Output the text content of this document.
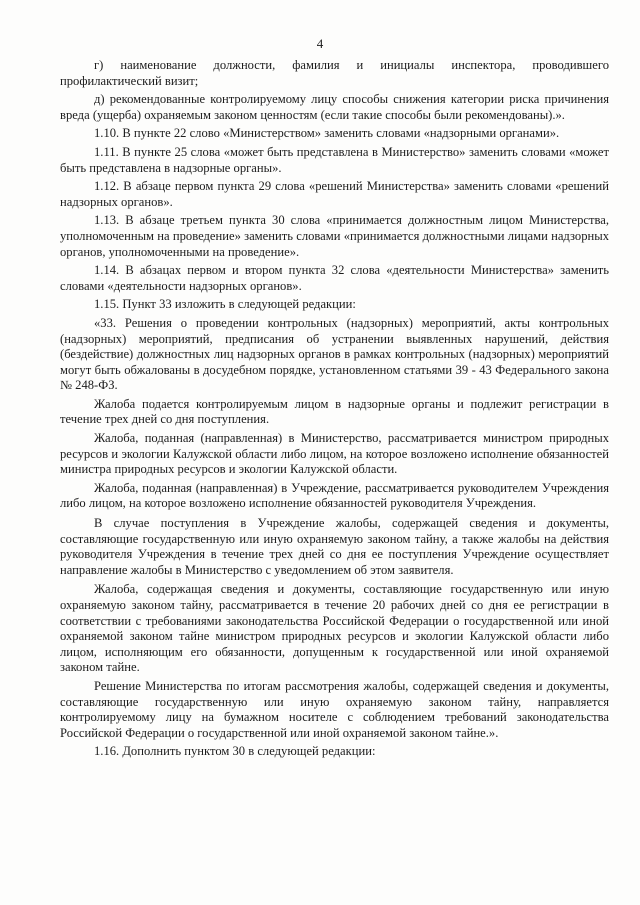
4

г) наименование должности, фамилия и инициалы инспектора, проводившего профилактический визит;

д) рекомендованные контролируемому лицу способы снижения категории риска причинения вреда (ущерба) охраняемым законом ценностям (если такие способы были рекомендованы).».

1.10. В пункте 22 слово «Министерством» заменить словами «надзорными органами».

1.11. В пункте 25 слова «может быть представлена в Министерство» заменить словами «может быть представлена в надзорные органы».

1.12. В абзаце первом пункта 29 слова «решений Министерства» заменить словами «решений надзорных органов».

1.13. В абзаце третьем пункта 30 слова «принимается должностным лицом Министерства, уполномоченным на проведение» заменить словами «принимается должностными лицами надзорных органов, уполномоченными на проведение».

1.14. В абзацах первом и втором пункта 32 слова «деятельности Министерства» заменить словами «деятельности надзорных органов».

1.15. Пункт 33 изложить в следующей редакции:

«33. Решения о проведении контрольных (надзорных) мероприятий, акты контрольных (надзорных) мероприятий, предписания об устранении выявленных нарушений, действия (бездействие) должностных лиц надзорных органов в рамках контрольных (надзорных) мероприятий могут быть обжалованы в досудебном порядке, установленном статьями 39 - 43 Федерального закона № 248-ФЗ.

Жалоба подается контролируемым лицом в надзорные органы и подлежит регистрации в течение трех дней со дня поступления.

Жалоба, поданная (направленная) в Министерство, рассматривается министром природных ресурсов и экологии Калужской области либо лицом, на которое возложено исполнение обязанностей министра природных ресурсов и экологии Калужской области.

Жалоба, поданная (направленная) в Учреждение, рассматривается руководителем Учреждения либо лицом, на которое возложено исполнение обязанностей руководителя Учреждения.

В случае поступления в Учреждение жалобы, содержащей сведения и документы, составляющие государственную или иную охраняемую законом тайну, а также жалобы на действия руководителя Учреждения в течение трех дней со дня ее поступления Учреждение осуществляет направление жалобы в Министерство с уведомлением об этом заявителя.

Жалоба, содержащая сведения и документы, составляющие государственную или иную охраняемую законом тайну, рассматривается в течение 20 рабочих дней со дня ее регистрации в соответствии с требованиями законодательства Российской Федерации о государственной или иной охраняемой законом тайне министром природных ресурсов и экологии Калужской области либо лицом, исполняющим его обязанности, допущенным к государственной или иной охраняемой законом тайне.

Решение Министерства по итогам рассмотрения жалобы, содержащей сведения и документы, составляющие государственную или иную охраняемую законом тайну, направляется контролируемому лицу на бумажном носителе с соблюдением требований законодательства Российской Федерации о государственной или иной охраняемой законом тайне.».

1.16. Дополнить пунктом 30 в следующей редакции:
